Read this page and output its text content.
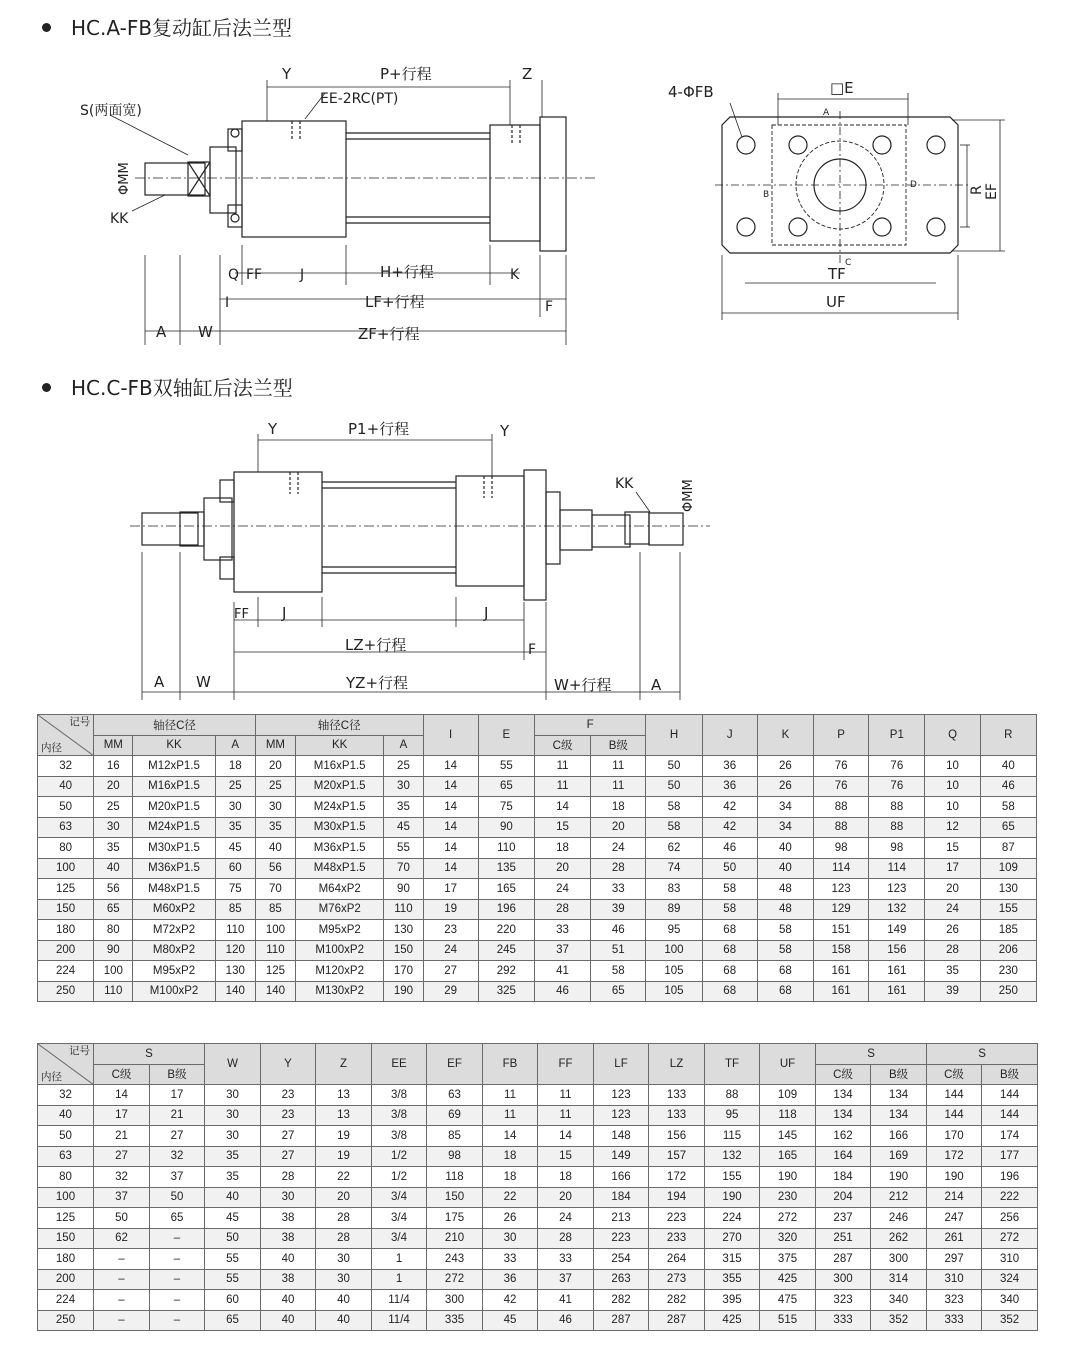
HC.A-FB复动缸后法兰型
HC.C-FB双轴缸后法兰型
Y	P+行程	Z
EE-2RC(PT)
S(两面宽)
ΦMM
KK
Q FF	J	H+行程	K
I	LF+行程	F
A W	ZF+行程
4-ΦFB	□E
R EF
TF
UF
A
B
C
D
Y	P1+行程	Y
KK	ΦMM
FF J	J
LZ+行程	F
A W	YZ+行程	W+行程	A
记号
内径	轴径C径			轴径C径			I	E	F		H	J	K	P	P1	Q	R
	MM	KK	A	MM	KK	A			C级	B级							
32	16	M12xP1.5	18	20	M16xP1.5	25	14	55	11	11	50	36	26	76	76	10	40
40	20	M16xP1.5	25	25	M20xP1.5	30	14	65	11	11	50	36	26	76	76	10	46
50	25	M20xP1.5	30	30	M24xP1.5	35	14	75	14	18	58	42	34	88	88	10	58
63	30	M24xP1.5	35	35	M30xP1.5	45	14	90	15	20	58	42	34	88	88	12	65
80	35	M30xP1.5	45	40	M36xP1.5	55	14	110	18	24	62	46	40	98	98	15	87
100	40	M36xP1.5	60	56	M48xP1.5	70	14	135	20	28	74	50	40	114	114	17	109
125	56	M48xP1.5	75	70	M64xP2	90	17	165	24	33	83	58	48	123	123	20	130
150	65	M60xP2	85	85	M76xP2	110	19	196	28	39	89	58	48	129	132	24	155
180	80	M72xP2	110	100	M95xP2	130	23	220	33	46	95	68	58	151	149	26	185
200	90	M80xP2	120	110	M100xP2	150	24	245	37	51	100	68	58	158	156	28	206
224	100	M95xP2	130	125	M120xP2	170	27	292	41	58	105	68	68	161	161	35	230
250	110	M100xP2	140	140	M130xP2	190	29	325	46	65	105	68	68	161	161	39	250
记号
内径	S		W	Y	Z	EE	EF	FB	FF	LF	LZ	TF	UF	S		S	
	C级	B级												C级	B级	C级	B级
32	14	17	30	23	13	3/8	63	11	11	123	133	88	109	134	134	144	144
40	17	21	30	23	13	3/8	69	11	11	123	133	95	118	134	134	144	144
50	21	27	30	27	19	3/8	85	14	14	148	156	115	145	162	166	170	174
63	27	32	35	27	19	1/2	98	18	15	149	157	132	165	164	169	172	177
80	32	37	35	28	22	1/2	118	18	18	166	172	155	190	184	190	190	196
100	37	50	40	30	20	3/4	150	22	20	184	194	190	230	204	212	214	222
125	50	65	45	38	28	3/4	175	26	24	213	223	224	272	237	246	247	256
150	62	–	50	38	28	3/4	210	30	28	223	233	270	320	251	262	261	272
180	–	–	55	40	30	1	243	33	33	254	264	315	375	287	300	297	310
200	–	–	55	38	30	1	272	36	37	263	273	355	425	300	314	310	324
224	–	–	60	40	40	11/4	300	42	41	282	282	395	475	323	340	323	340
250	–	–	65	40	40	11/4	335	45	46	287	287	425	515	333	352	333	352
